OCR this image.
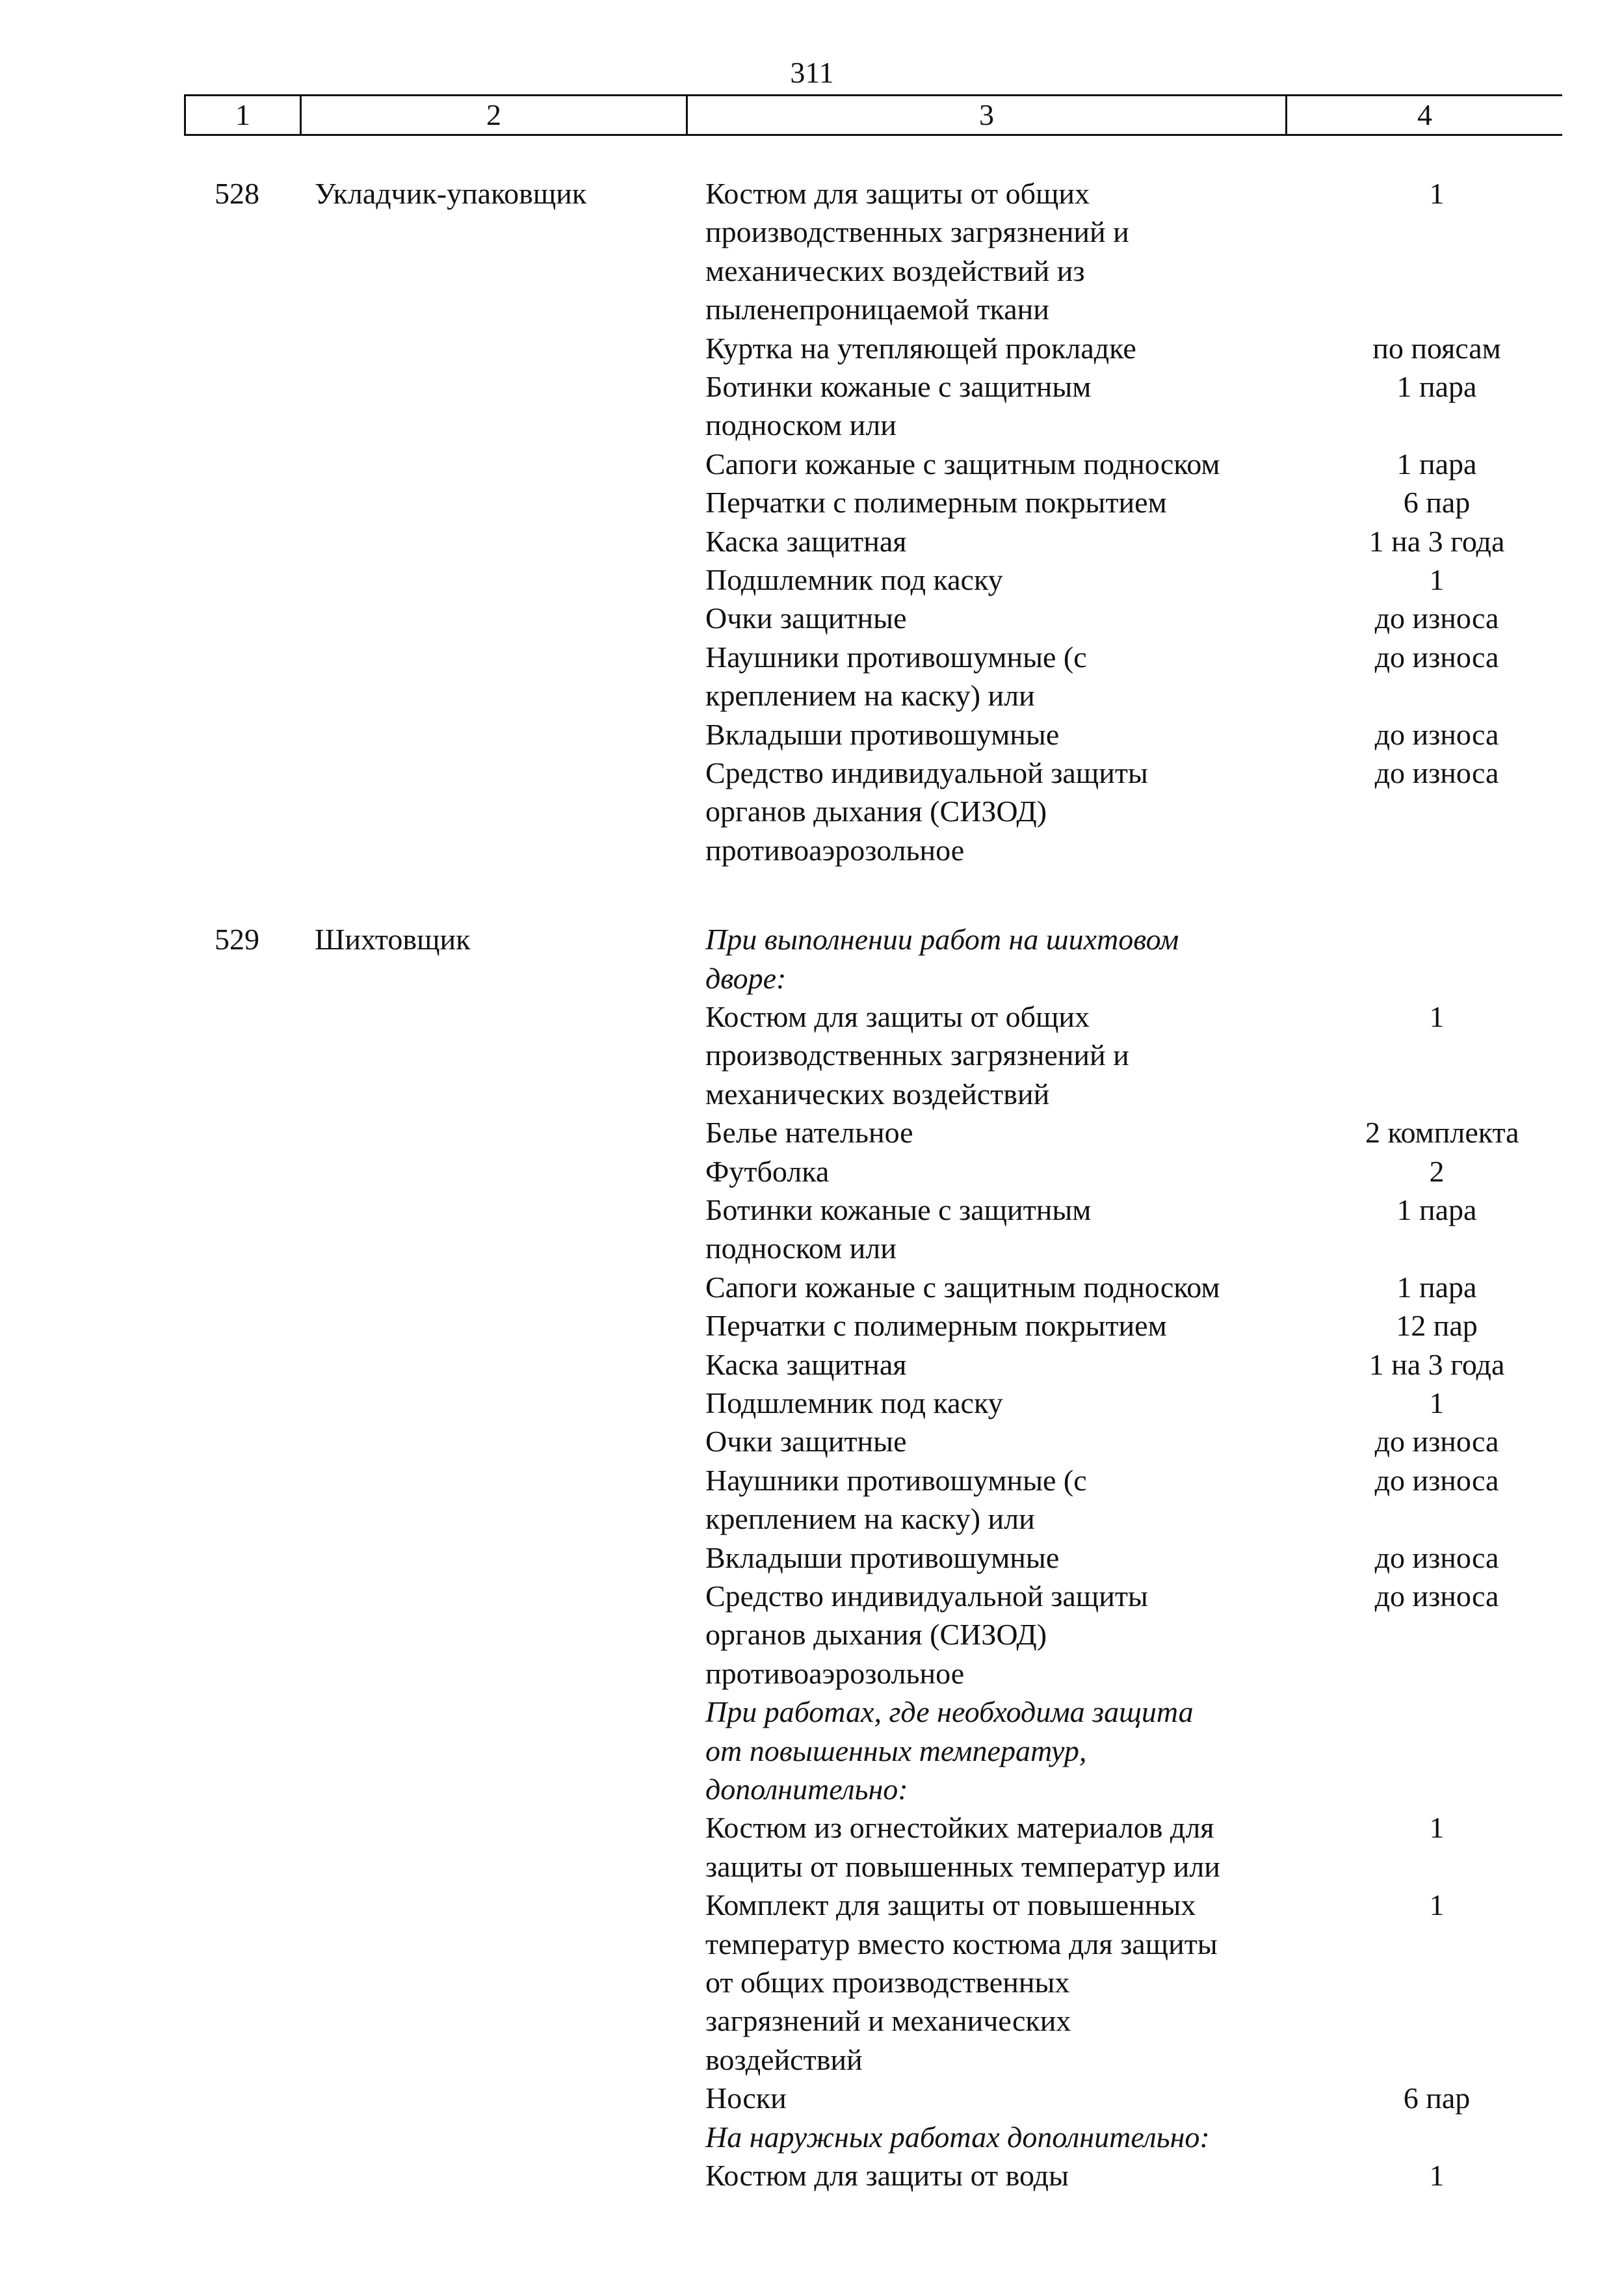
311
1	2	3	4
528 Укладчик-упаковщик	Костюм для защиты от общих	1
производственных загрязнений и
механических воздействий из
пыленепроницаемой ткани
Куртка на утепляющей прокладке	по поясам
Ботинки кожаные с защитным	1 пара
подноском или
Сапоги кожаные с защитным подноском	1 пара
Перчатки с полимерным покрытием	6 пар
Каска защитная	1 на 3 года
Подшлемник под каску	1
Очки защитные	до износа
Наушники противошумные (с	до износа
креплением на каску) или
Вкладыши противошумные	до износа
Средство индивидуальной защиты	до износа
органов дыхания (СИЗОД)
противоаэрозольное
529 Шихтовщик	При выполнении работ на шихтовом
дворе:
Костюм для защиты от общих	1
производственных загрязнений и
механических воздействий
Белье нательное	2 комплекта
Футболка	2
Ботинки кожаные с защитным	1 пара
подноском или
Сапоги кожаные с защитным подноском	1 пара
Перчатки с полимерным покрытием	12 пар
Каска защитная	1 на 3 года
Подшлемник под каску	1
Очки защитные	до износа
Наушники противошумные (с	до износа
креплением на каску) или
Вкладыши противошумные	до износа
Средство индивидуальной защиты	до износа
органов дыхания (СИЗОД)
противоаэрозольное
При работах, где необходима защита
от повышенных температур,
дополнительно:
Костюм из огнестойких материалов для	1
защиты от повышенных температур или
Комплект для защиты от повышенных	1
температур вместо костюма для защиты
от общих производственных
загрязнений и механических
воздействий
Носки	6 пар
На наружных работах дополнительно:
Костюм для защиты от воды	1
